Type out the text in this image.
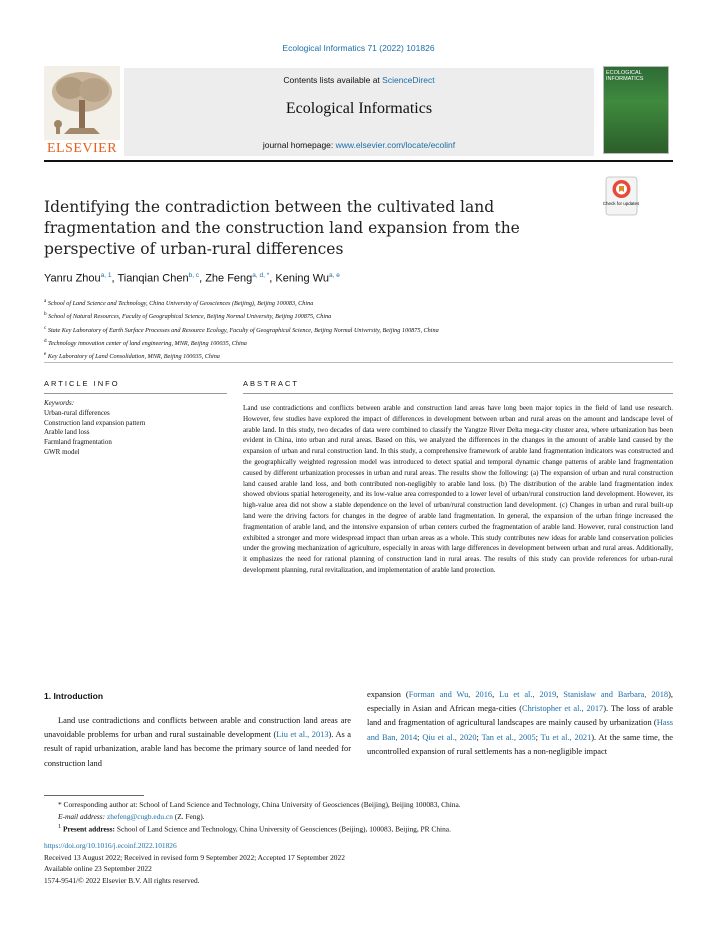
Ecological Informatics 71 (2022) 101826
Contents lists available at ScienceDirect
Ecological Informatics
journal homepage: www.elsevier.com/locate/ecolinf
ELSEVIER
ECOLOGICAL INFORMATICS
Identifying the contradiction between the cultivated land fragmentation and the construction land expansion from the perspective of urban-rural differences
Check for updates
Yanru Zhou$^{a, 1}$, Tianqian Chen$^{b, c}$, Zhe Feng$^{a, d, *}$, Kening Wu$^{a, e}$
$^a$ School of Land Science and Technology, China University of Geosciences (Beijing), Beijing 100083, China
$^b$ School of Natural Resources, Faculty of Geographical Science, Beijing Normal University, Beijing 100875, China
$^c$ State Key Laboratory of Earth Surface Processes and Resource Ecology, Faculty of Geographical Science, Beijing Normal University, Beijing 100875, China
$^d$ Technology innovation center of land engineering, MNR, Beijing 100035, China
$^e$ Key Laboratory of Land Consolidation, MNR, Beijing 100035, China
ARTICLE INFO
Keywords:
Urban-rural differences
Construction land expansion pattern
Arable land loss
Farmland fragmentation
GWR model
ABSTRACT
Land use contradictions and conflicts between arable and construction land areas have long been major topics in the field of land use research. However, few studies have explored the impact of differences in development between urban and rural areas on the amount and landscape level of arable land. In this study, two decades of data were combined to classify the Yangtze River Delta mega-city cluster area, where urbanization has been evident in China, into urban and rural areas. Based on this, we analyzed the differences in the changes in the amount of arable land caused by the expansion of urban and rural construction land. In this study, a comprehensive framework of arable land fragmentation indicators was constructed and the geographically weighted regression model was introduced to detect spatial and temporal dynamic change patterns of arable land fragmentation caused by different urbanization processes in urban and rural areas. The results show the following: (a) The expansion of urban and rural construction land caused arable land loss, and both contributed non-negligibly to arable land loss. (b) The distribution of the arable land fragmentation index showed obvious spatial heterogeneity, and its low-value area corresponded to a lower level of urban/rural construction land development. However, its high-value area did not show a stable dependence on the level of urban/rural construction land development. (c) Changes in urban and rural built-up land were the driving factors for changes in the degree of arable land fragmentation. In general, the expansion of the urban fringe increased the fragmentation of arable land, and the intensive expansion of urban centers curbed the fragmentation of arable land. However, rural construction land exhibited a stronger and more widespread impact than urban areas as a whole. This study contributes new ideas for arable land conservation policies under the growing mechanization of agriculture, especially in areas with large differences in development between urban and rural areas. Additionally, it emphasizes the need for rational planning of construction land in rural areas. The results of this study can provide references for urban-rural development planning, rural revitalization, and implementation of arable land protection.
1. Introduction
Land use contradictions and conflicts between arable and construction land areas are unavoidable problems for urban and rural sustainable development (Liu et al., 2013). As a result of rapid urbanization, arable land has become the primary source of land needed for construction land
expansion (Forman and Wu, 2016, Lu et al., 2019, Stanisław and Barbara, 2018), especially in Asian and African mega-cities (Christopher et al., 2017). The loss of arable land and fragmentation of agricultural landscapes are mainly caused by urbanization (Hass and Ban, 2014; Qiu et al., 2020; Tan et al., 2005; Tu et al., 2021). At the same time, the uncontrolled expansion of rural settlements has a non-negligible impact
* Corresponding author at: School of Land Science and Technology, China University of Geosciences (Beijing), Beijing 100083, China.
E-mail address: zhefeng@cugb.edu.cn (Z. Feng).
$^1$ Present address: School of Land Science and Technology, China University of Geosciences (Beijing), 100083, Beijing, PR China.
https://doi.org/10.1016/j.ecoinf.2022.101826
Received 13 August 2022; Received in revised form 9 September 2022; Accepted 17 September 2022
Available online 23 September 2022
1574-9541/© 2022 Elsevier B.V. All rights reserved.
